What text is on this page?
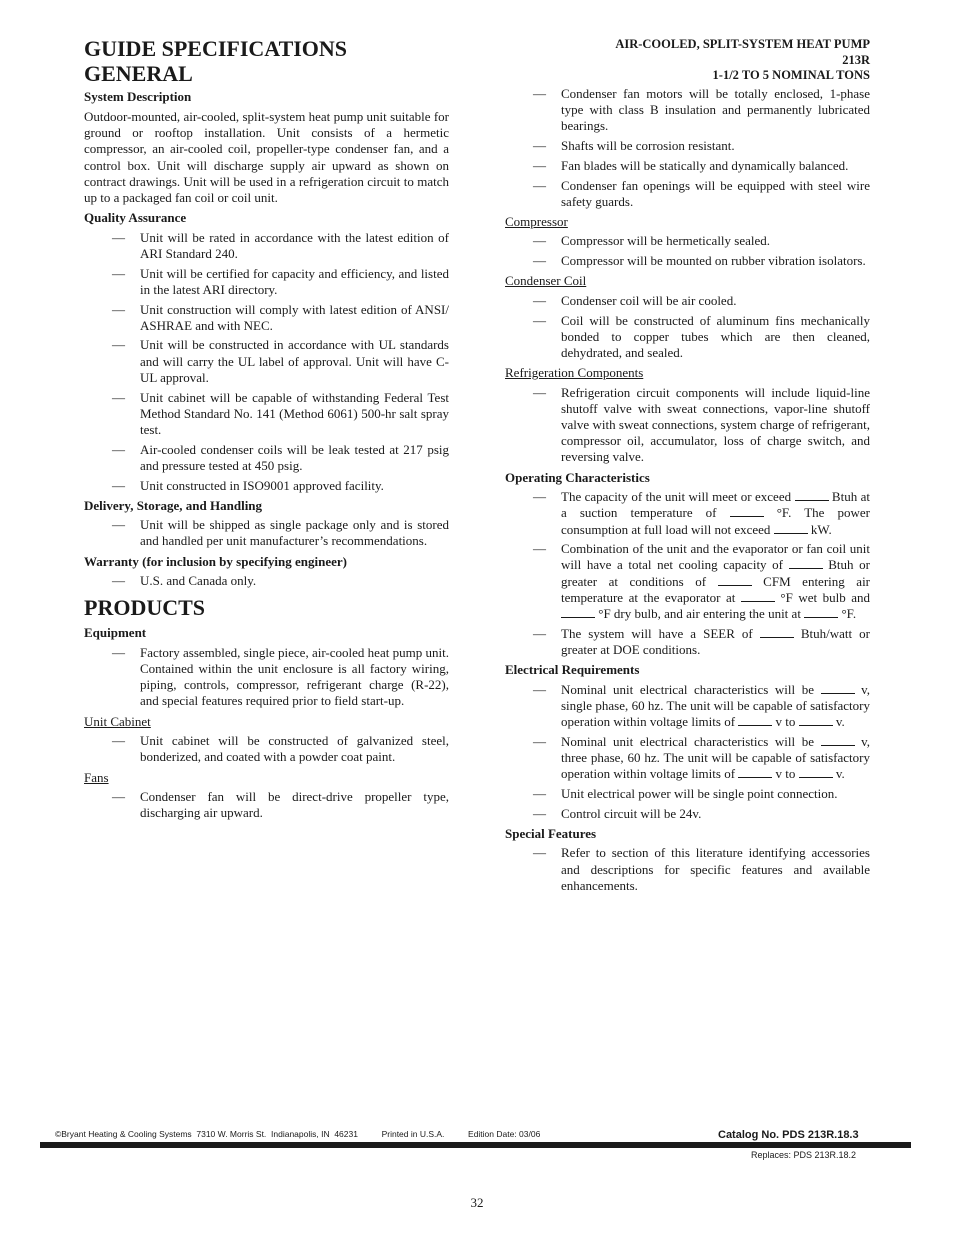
GUIDE SPECIFICATIONS
GENERAL
AIR-COOLED, SPLIT-SYSTEM HEAT PUMP
213R
1-1/2 TO 5 NOMINAL TONS
System Description
Outdoor-mounted, air-cooled, split-system heat pump unit suitable for ground or rooftop installation. Unit consists of a hermetic compressor, an air-cooled coil, propeller-type condenser fan, and a control box. Unit will discharge supply air upward as shown on contract drawings. Unit will be used in a refrigeration circuit to match up to a packaged fan coil or coil unit.
Quality Assurance
— Unit will be rated in accordance with the latest edition of ARI Standard 240.
— Unit will be certified for capacity and efficiency, and listed in the latest ARI directory.
— Unit construction will comply with latest edition of ANSI/ ASHRAE and with NEC.
— Unit will be constructed in accordance with UL standards and will carry the UL label of approval. Unit will have C-UL approval.
— Unit cabinet will be capable of withstanding Federal Test Method Standard No. 141 (Method 6061) 500-hr salt spray test.
— Air-cooled condenser coils will be leak tested at 217 psig and pressure tested at 450 psig.
— Unit constructed in ISO9001 approved facility.
Delivery, Storage, and Handling
— Unit will be shipped as single package only and is stored and handled per unit manufacturer’s recommendations.
Warranty (for inclusion by specifying engineer)
— U.S. and Canada only.
PRODUCTS
Equipment
— Factory assembled, single piece, air-cooled heat pump unit. Contained within the unit enclosure is all factory wiring, piping, controls, compressor, refrigerant charge (R-22), and special features required prior to field start-up.
Unit Cabinet
— Unit cabinet will be constructed of galvanized steel, bonderized, and coated with a powder coat paint.
Fans
— Condenser fan will be direct-drive propeller type, discharging air upward.
— Condenser fan motors will be totally enclosed, 1-phase type with class B insulation and permanently lubricated bearings.
— Shafts will be corrosion resistant.
— Fan blades will be statically and dynamically balanced.
— Condenser fan openings will be equipped with steel wire safety guards.
Compressor
— Compressor will be hermetically sealed.
— Compressor will be mounted on rubber vibration isolators.
Condenser Coil
— Condenser coil will be air cooled.
— Coil will be constructed of aluminum fins mechanically bonded to copper tubes which are then cleaned, dehydrated, and sealed.
Refrigeration Components
— Refrigeration circuit components will include liquid-line shutoff valve with sweat connections, vapor-line shutoff valve with sweat connections, system charge of refrigerant, compressor oil, accumulator, loss of charge switch, and reversing valve.
Operating Characteristics
— The capacity of the unit will meet or exceed	Btuh at a suction temperature of	°F. The power consumption at full load will not exceed	kW.
— Combination of the unit and the evaporator or fan coil unit will have a total net cooling capacity of	Btuh or greater at conditions of	CFM entering air temperature at the evaporator at	°F wet bulb and  °F dry bulb, and air entering the unit at	°F.
— The system will have a SEER of	Btuh/watt or greater at DOE conditions.
Electrical Requirements
— Nominal unit electrical characteristics will be	v, single phase, 60 hz. The unit will be capable of satisfactory operation within voltage limits of	v to	v.
— Nominal unit electrical characteristics will be	v, three phase, 60 hz. The unit will be capable of satisfactory operation within voltage limits of	v to	v.
— Unit electrical power will be single point connection.
— Control circuit will be 24v.
Special Features
— Refer to section of this literature identifying accessories and descriptions for specific features and available enhancements.
©Bryant Heating & Cooling Systems  7310 W. Morris St.  Indianapolis, IN  46231          Printed in U.S.A.          Edition Date: 03/06	Catalog No. PDS 213R.18.3
Manufacturer reserves the right to discontinue, or change at any time, specifications or designs without notice and without incurring obligations.	Replaces: PDS 213R.18.2
32
